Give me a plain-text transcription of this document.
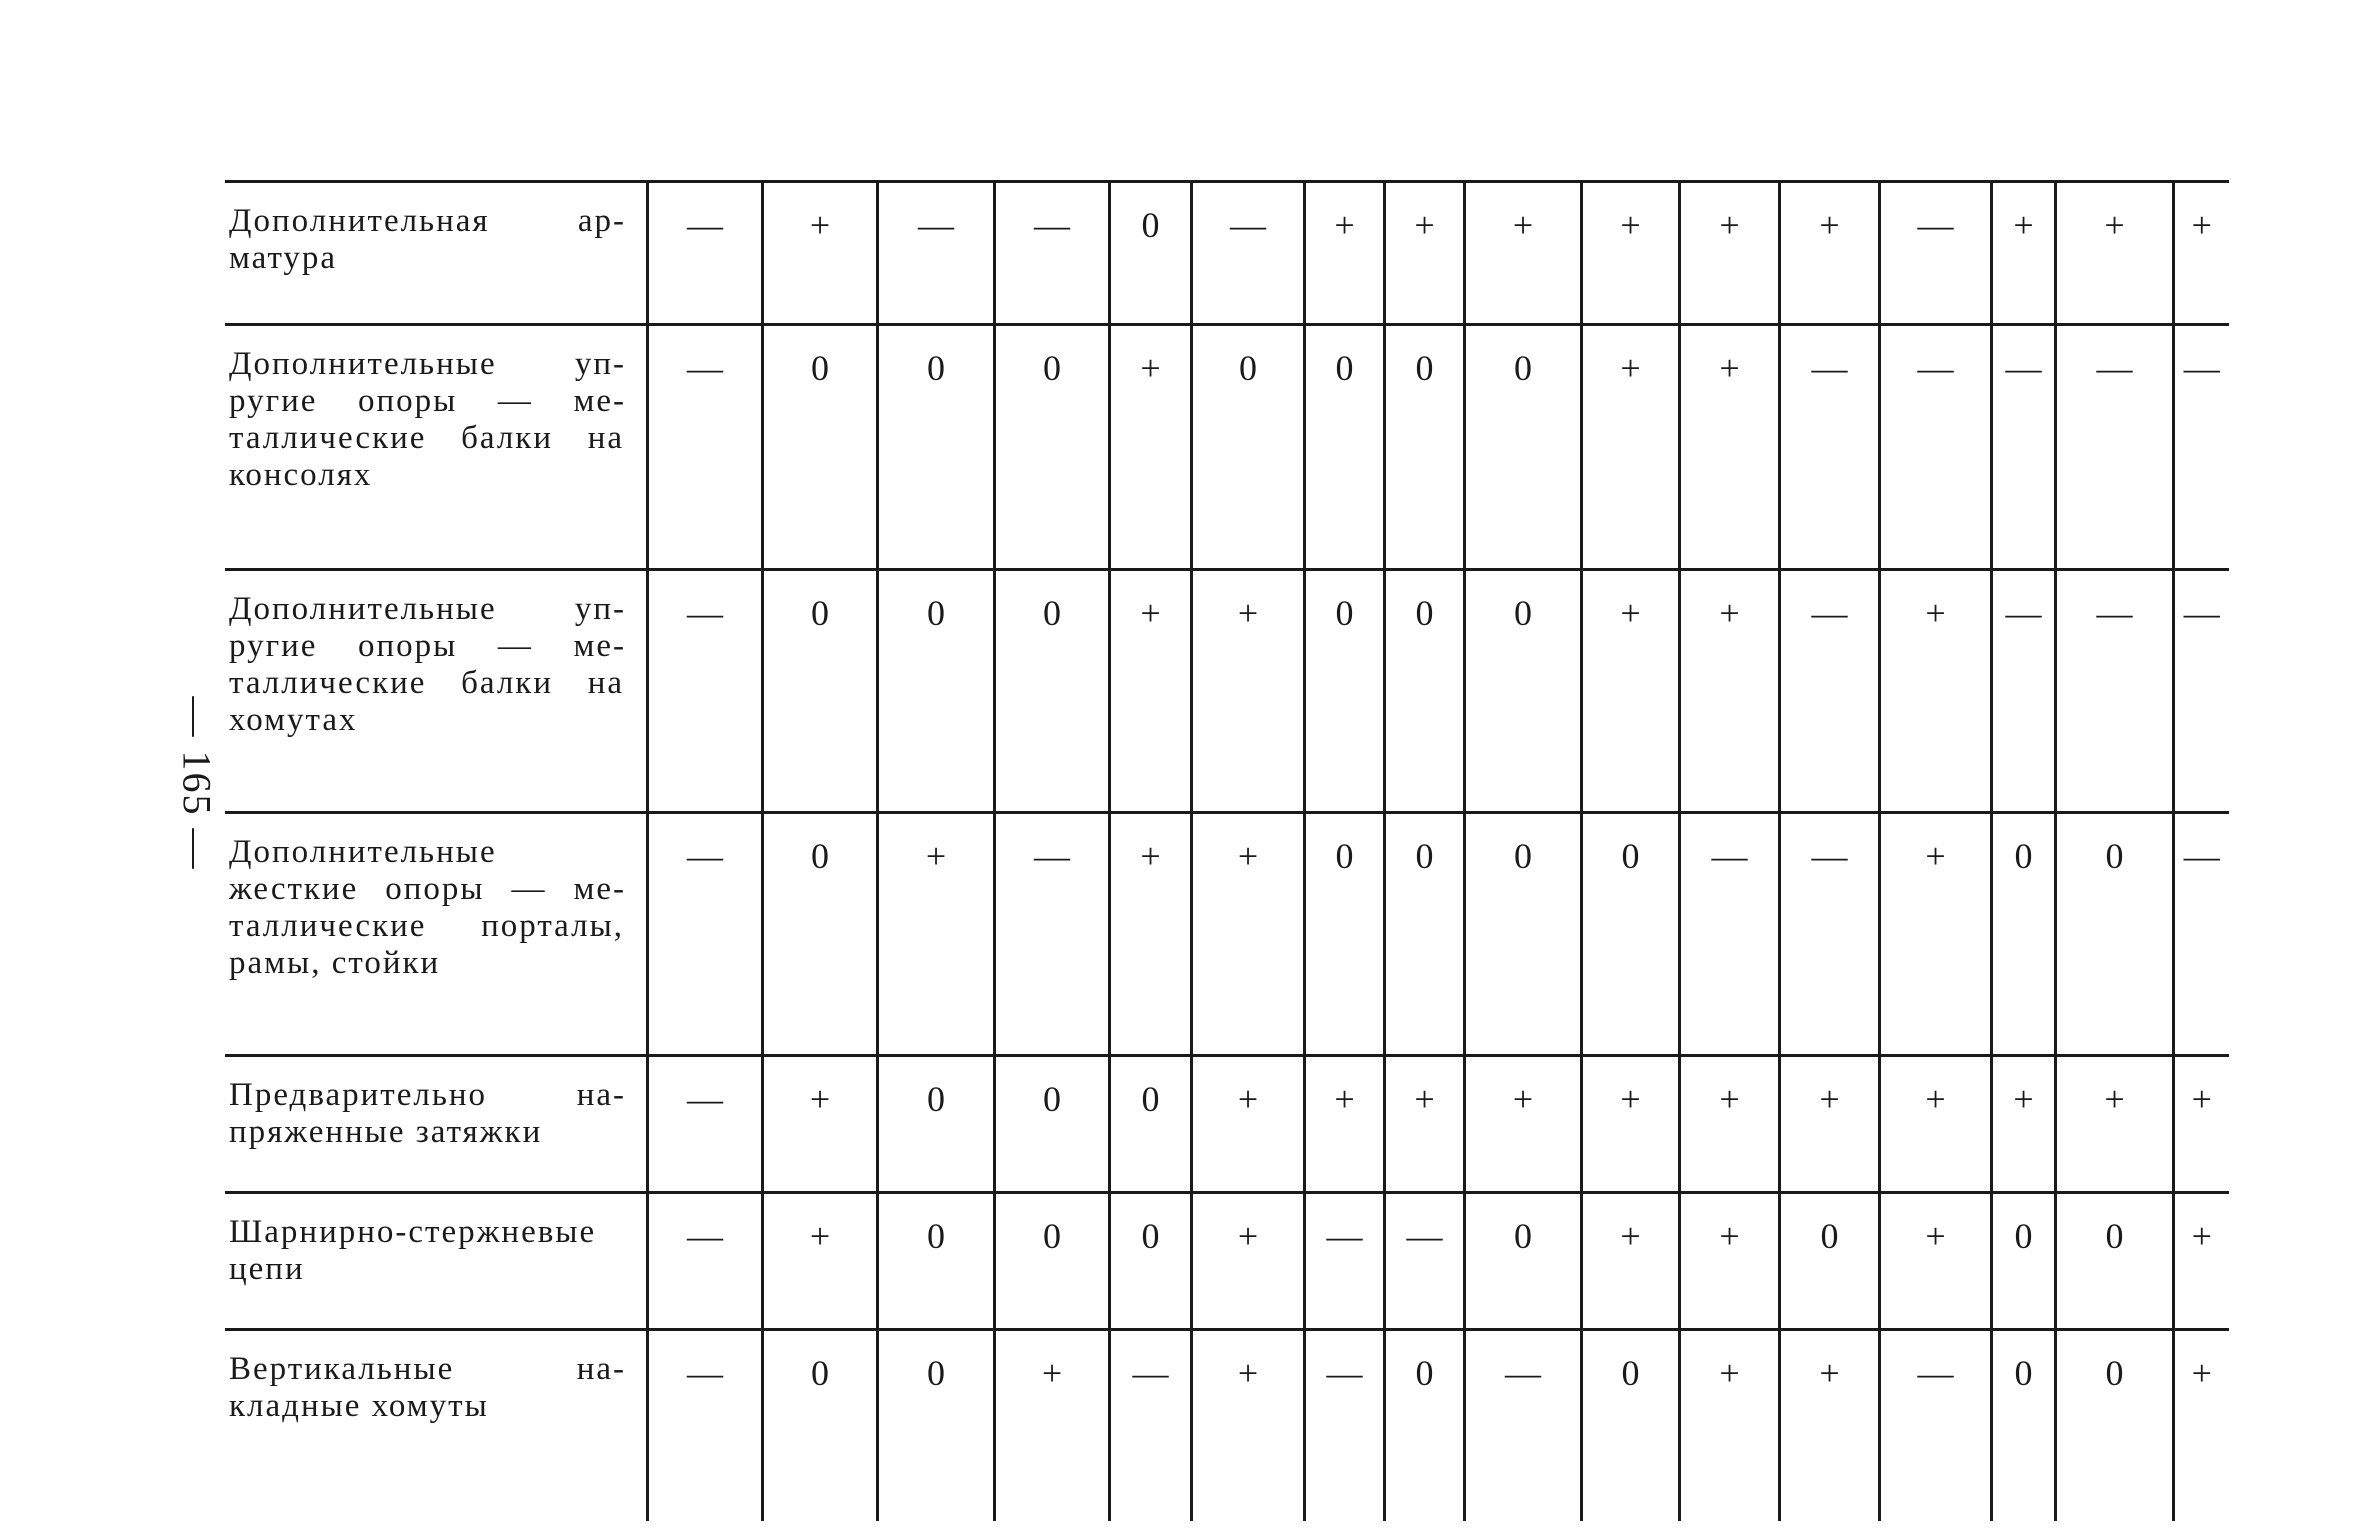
— 165 —
Дополнительная арматура	—	+	—	—	0	—	+	+	+	+	+	+	—	+	+	+
Дополнительные упругие опоры — металлические балки на консолях	—	0	0	0	+	0	0	0	0	+	+	—	—	—	—	—
Дополнительные упругие опоры — металлические балки на хомутах	—	0	0	0	+	+	0	0	0	+	+	—	+	—	—	—
Дополнительные жесткие опоры — металлические порталы, рамы, стойки	—	0	+	—	+	+	0	0	0	0	—	—	+	0	0	—
Предварительно напряженные затяжки	—	+	0	0	0	+	+	+	+	+	+	+	+	+	+	+
Шарнирно-стержневые цепи	—	+	0	0	0	+	—	—	0	+	+	0	+	0	0	+
Вертикальные накладные хомуты	—	0	0	+	—	+	—	0	—	0	+	+	—	0	0	+
